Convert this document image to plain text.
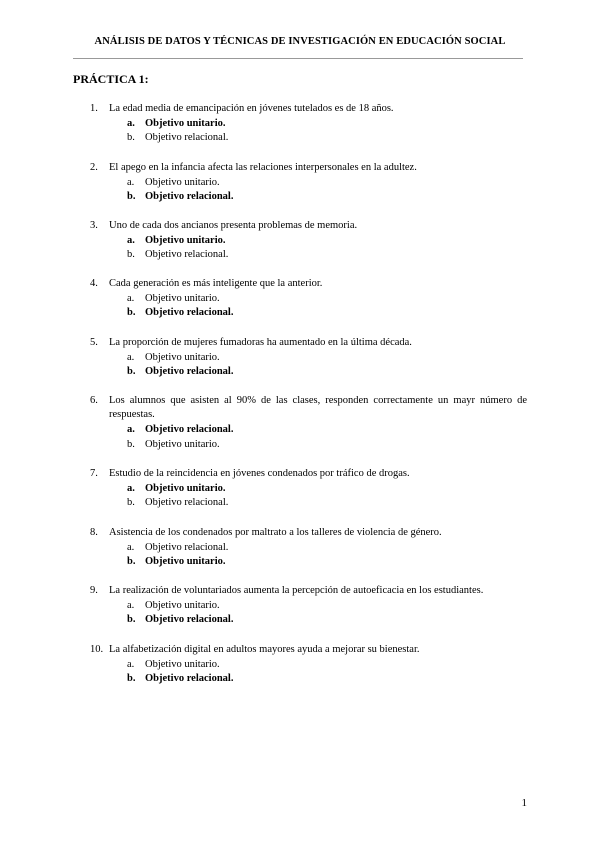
ANÁLISIS DE DATOS Y TÉCNICAS DE INVESTIGACIÓN EN EDUCACIÓN SOCIAL
PRÁCTICA 1:
1. La edad media de emancipación en jóvenes tutelados es de 18 años.
a. Objetivo unitario.
b. Objetivo relacional.
2. El apego en la infancia afecta las relaciones interpersonales en la adultez.
a. Objetivo unitario.
b. Objetivo relacional.
3. Uno de cada dos ancianos presenta problemas de memoria.
a. Objetivo unitario.
b. Objetivo relacional.
4. Cada generación es más inteligente que la anterior.
a. Objetivo unitario.
b. Objetivo relacional.
5. La proporción de mujeres fumadoras ha aumentado en la última década.
a. Objetivo unitario.
b. Objetivo relacional.
6. Los alumnos que asisten al 90% de las clases, responden correctamente un mayr número de respuestas.
a. Objetivo relacional.
b. Objetivo unitario.
7. Estudio de la reincidencia en jóvenes condenados por tráfico de drogas.
a. Objetivo unitario.
b. Objetivo relacional.
8. Asistencia de los condenados por maltrato a los talleres de violencia de género.
a. Objetivo relacional.
b. Objetivo unitario.
9. La realización de voluntariados aumenta la percepción de autoeficacia en los estudiantes.
a. Objetivo unitario.
b. Objetivo relacional.
10. La alfabetización digital en adultos mayores ayuda a mejorar su bienestar.
a. Objetivo unitario.
b. Objetivo relacional.
1
